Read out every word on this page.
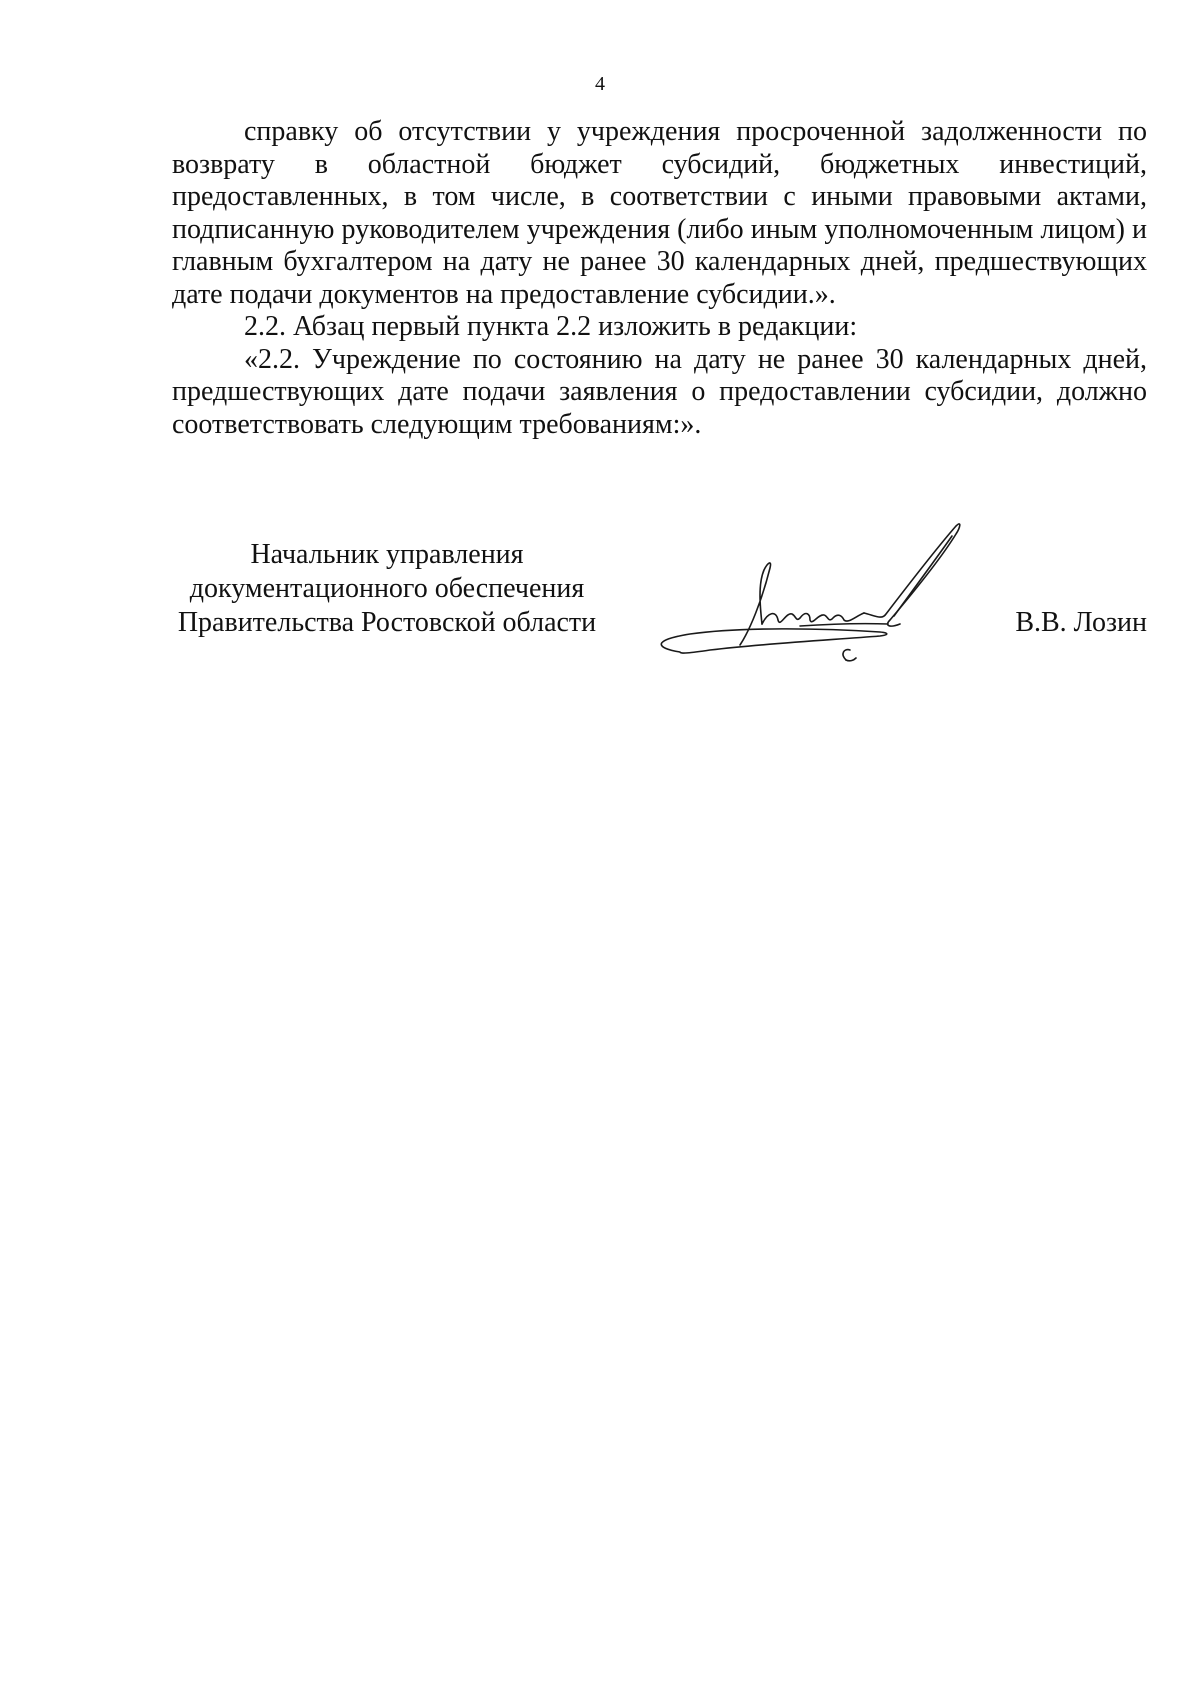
4

справку об отсутствии у учреждения просроченной задолженности по возврату в областной бюджет субсидий, бюджетных инвестиций, предоставленных, в том числе, в соответствии с иными правовыми актами, подписанную руководителем учреждения (либо иным уполномоченным лицом) и главным бухгалтером на дату не ранее 30 календарных дней, предшествующих дате подачи документов на предоставление субсидии.».

2.2. Абзац первый пункта 2.2 изложить в редакции:

«2.2. Учреждение по состоянию на дату не ранее 30 календарных дней, предшествующих дате подачи заявления о предоставлении субсидии, должно соответствовать следующим требованиям:».

Начальник управления
документационного обеспечения
Правительства Ростовской области	В.В. Лозин
